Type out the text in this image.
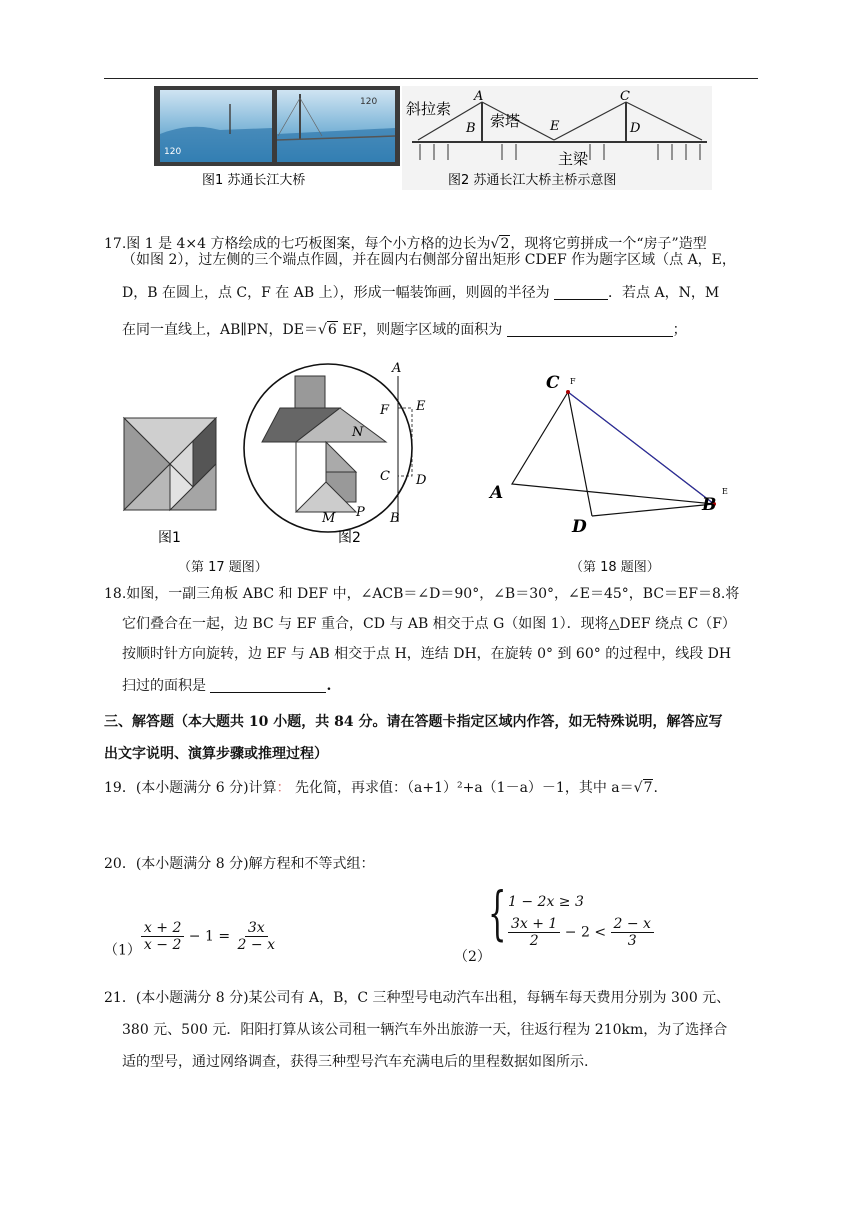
120
120 斜拉索
索塔
主梁
A
B
C
D
E
图1 苏通长江大桥	图2 苏通长江大桥主桥示意图
17.图 1 是 4×4 方格绘成的七巧板图案，每个小方格的边长为√2，现将它剪拼成一个“房子”造型
（如图 2），过左侧的三个端点作圆，并在圆内右侧部分留出矩形 CDEF 作为题字区域（点 A，E，
D，B 在圆上，点 C，F 在 AB 上），形成一幅装饰画，则圆的半径为	．若点 A，N，M
在同一直线上，AB∥PN，DE＝√6 EF，则题字区域的面积为	；
图1
A
F E
N
C D
M P B
图2
（第 17 题图）
C F
A
D
B
E
（第 18 题图）
18.如图，一副三角板 ABC 和 DEF 中，∠ACB＝∠D＝90°，∠B＝30°，∠E＝45°，BC＝EF＝8.将
它们叠合在一起，边 BC 与 EF 重合，CD 与 AB 相交于点 G（如图 1）．现将△DEF 绕点 C（F）
按顺时针方向旋转，边 EF 与 AB 相交于点 H，连结 DH，在旋转 0° 到 60° 的过程中，线段 DH
扫过的面积是	.
三、解答题（本大题共 10 小题，共 84 分。请在答题卡指定区域内作答，如无特殊说明，解答应写
出文字说明、演算步骤或推理过程）
19．(本小题满分 6 分)计算： 先化简，再求值：（a+1）²+a（1－a）－1，其中 a＝√7.
20．(本小题满分 8 分)解方程和不等式组：
$(1) \frac{x + 2}{x - 2} - 1 = \frac{3x}{2 - x}$
（2）
{ 1 − 2x ≥ 3
$\frac{3x + 1}{2} - 2 < \frac{2 - x}{3}$
21．(本小题满分 8 分)某公司有 A，B，C 三种型号电动汽车出租，每辆车每天费用分别为 300 元、
380 元、500 元．阳阳打算从该公司租一辆汽车外出旅游一天，往返行程为 210km，为了选择合
适的型号，通过网络调查，获得三种型号汽车充满电后的里程数据如图所示.
